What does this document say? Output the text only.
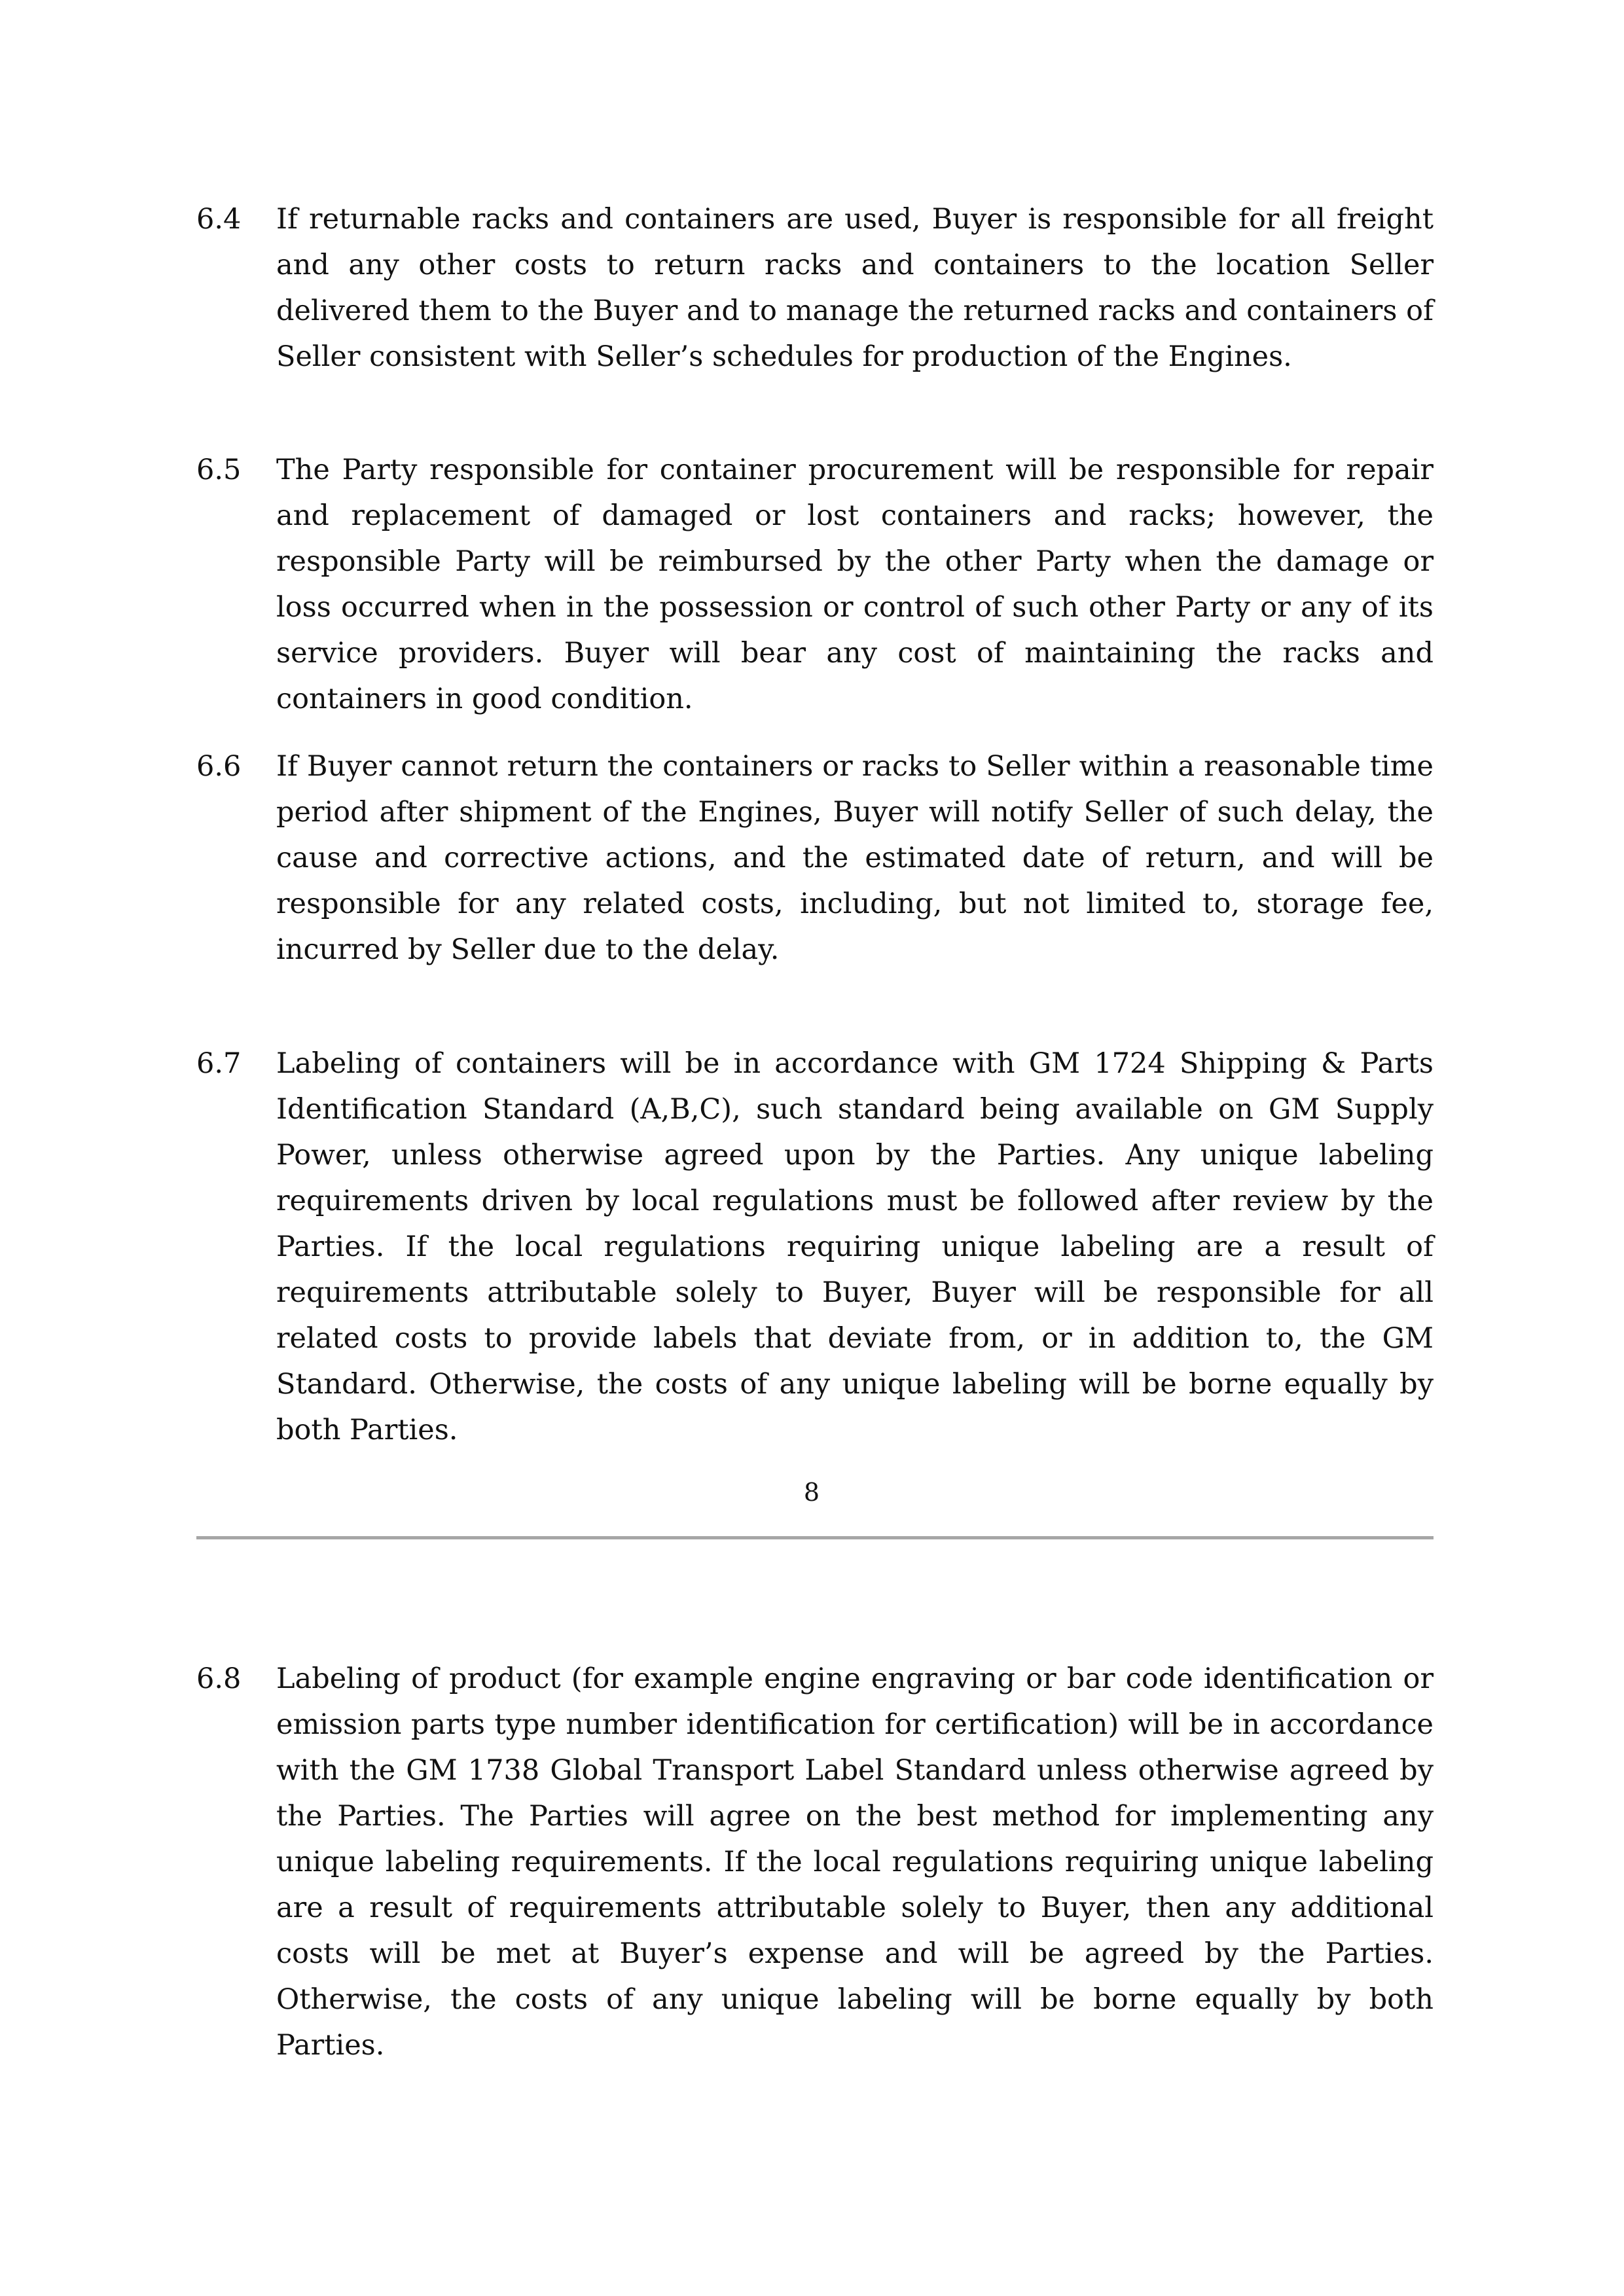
6.4	If returnable racks and containers are used, Buyer is responsible for all freight and any other costs to return racks and containers to the location Seller delivered them to the Buyer and to manage the returned racks and containers of Seller consistent with Seller’s schedules for production of the Engines.

6.5	The Party responsible for container procurement will be responsible for repair and replacement of damaged or lost containers and racks; however, the responsible Party will be reimbursed by the other Party when the damage or loss occurred when in the possession or control of such other Party or any of its service providers. Buyer will bear any cost of maintaining the racks and containers in good condition.

6.6	If Buyer cannot return the containers or racks to Seller within a reasonable time period after shipment of the Engines, Buyer will notify Seller of such delay, the cause and corrective actions, and the estimated date of return, and will be responsible for any related costs, including, but not limited to, storage fee, incurred by Seller due to the delay.

6.7	Labeling of containers will be in accordance with GM 1724 Shipping & Parts Identification Standard (A,B,C), such standard being available on GM Supply Power, unless otherwise agreed upon by the Parties. Any unique labeling requirements driven by local regulations must be followed after review by the Parties. If the local regulations requiring unique labeling are a result of requirements attributable solely to Buyer, Buyer will be responsible for all related costs to provide labels that deviate from, or in addition to, the GM Standard. Otherwise, the costs of any unique labeling will be borne equally by both Parties.

8
6.8	Labeling of product (for example engine engraving or bar code identification or emission parts type number identification for certification) will be in accordance with the GM 1738 Global Transport Label Standard unless otherwise agreed by the Parties. The Parties will agree on the best method for implementing any unique labeling requirements. If the local regulations requiring unique labeling are a result of requirements attributable solely to Buyer, then any additional costs will be met at Buyer’s expense and will be agreed by the Parties. Otherwise, the costs of any unique labeling will be borne equally by both Parties.
